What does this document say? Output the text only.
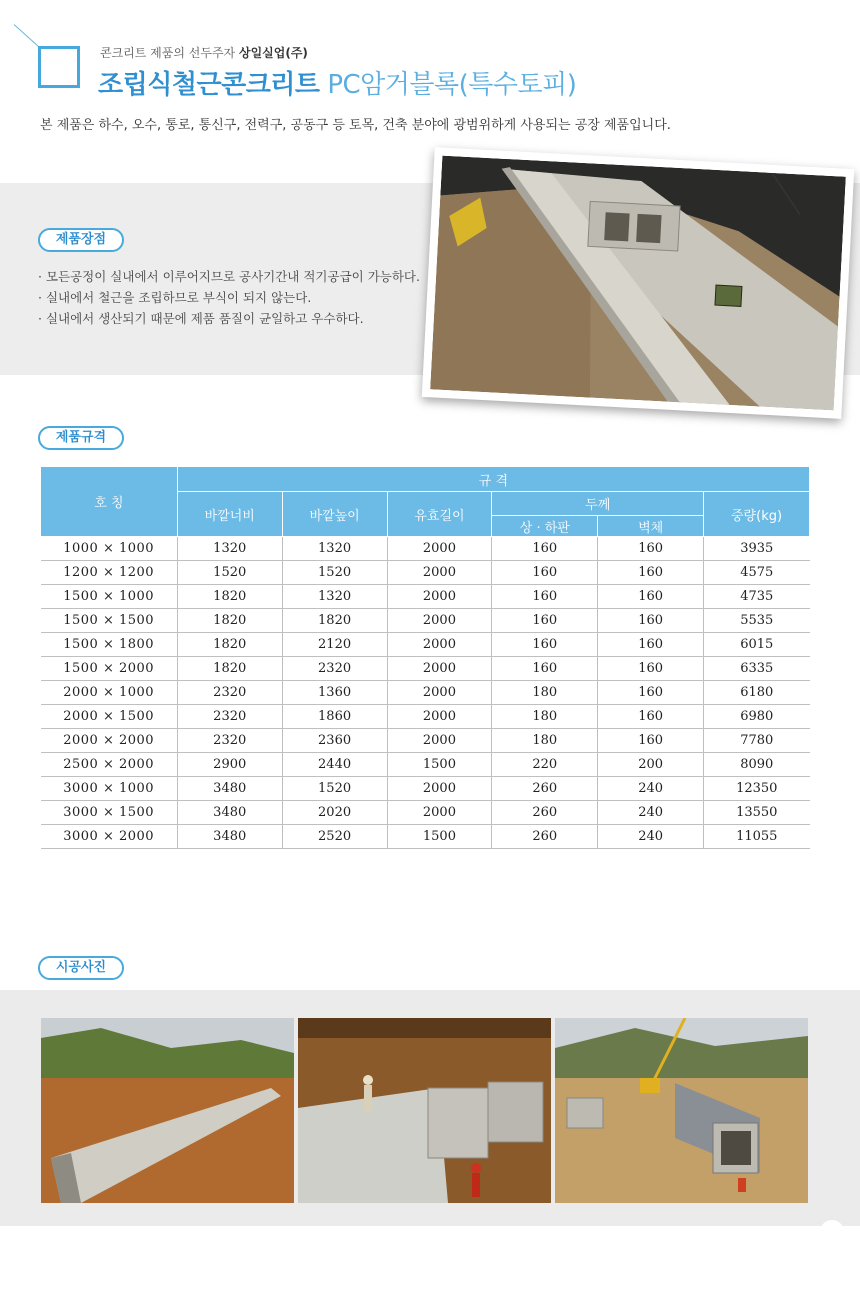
콘크리트 제품의 선두주자 상일실업(주)
조립식철근콘크리트 PC암거블록(특수토피)
본 제품은 하수, 오수, 통로, 통신구, 전력구, 공동구 등 토목, 건축 분야에 광범위하게 사용되는 공장 제품입니다.
제품장점
· 모든공정이 실내에서 이루어지므로 공사기간내 적기공급이 가능하다.
· 실내에서 철근을 조립하므로 부식이 되지 않는다.
· 실내에서 생산되기 때문에 제품 품질이 균일하고 우수하다.
제품규격
호 칭	규 격					
	바깥너비	바깥높이	유효길이	두께		중량(kg)
				상 · 하판	벽체	
1000 × 1000	1320	1320	2000	160	160	3935
1200 × 1200	1520	1520	2000	160	160	4575
1500 × 1000	1820	1320	2000	160	160	4735
1500 × 1500	1820	1820	2000	160	160	5535
1500 × 1800	1820	2120	2000	160	160	6015
1500 × 2000	1820	2320	2000	160	160	6335
2000 × 1000	2320	1360	2000	180	160	6180
2000 × 1500	2320	1860	2000	180	160	6980
2000 × 2000	2320	2360	2000	180	160	7780
2500 × 2000	2900	2440	1500	220	200	8090
3000 × 1000	3480	1520	2000	260	240	12350
3000 × 1500	3480	2020	2000	260	240	13550
3000 × 2000	3480	2520	1500	260	240	11055
시공사진
